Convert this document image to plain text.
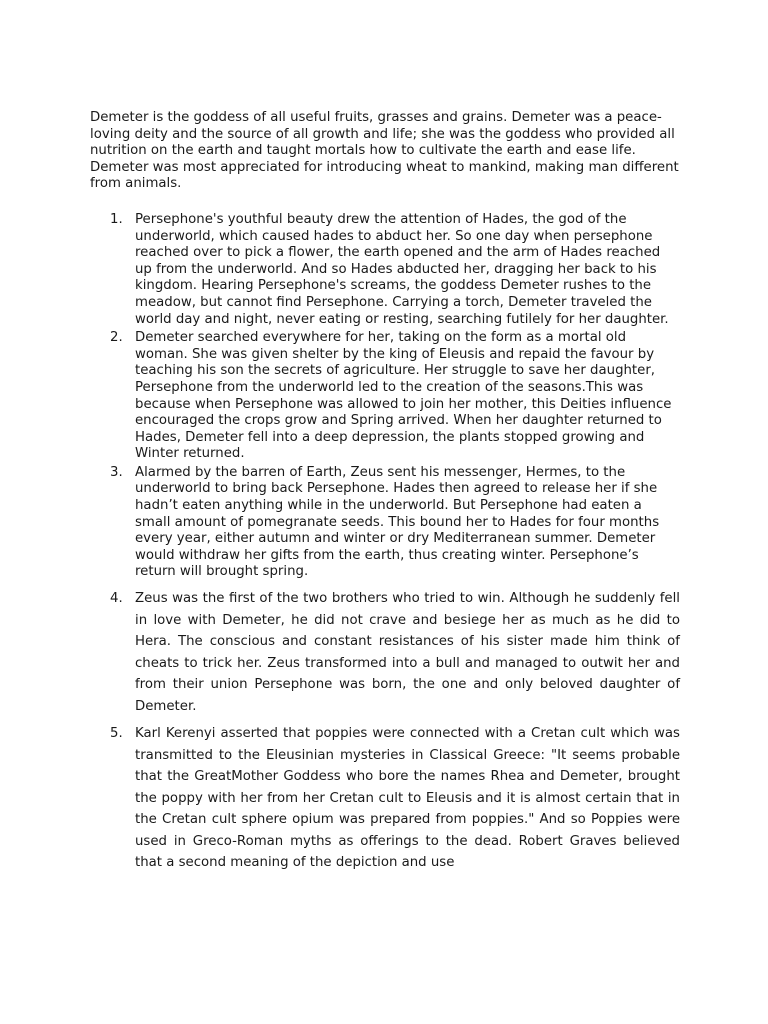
Demeter is the goddess of all useful fruits, grasses and grains. Demeter was a peace-loving deity and the source of all growth and life; she was the goddess who provided all nutrition on the earth and taught mortals how to cultivate the earth and ease life. Demeter was most appreciated for introducing wheat to mankind, making man different from animals.

1. Persephone's youthful beauty drew the attention of Hades, the god of the underworld, which caused hades to abduct her. So one day when persephone reached over to pick a flower, the earth opened and the arm of Hades reached up from the underworld. And so Hades abducted her, dragging her back to his kingdom. Hearing Persephone's screams, the goddess Demeter rushes to the meadow, but cannot find Persephone. Carrying a torch, Demeter traveled the world day and night, never eating or resting, searching futilely for her daughter.
2. Demeter searched everywhere for her, taking on the form as a mortal old woman. She was given shelter by the king of Eleusis and repaid the favour by teaching his son the secrets of agriculture. Her struggle to save her daughter, Persephone from the underworld led to the creation of the seasons.This was because when Persephone was allowed to join her mother, this Deities influence encouraged the crops grow and Spring arrived. When her daughter returned to Hades, Demeter fell into a deep depression, the plants stopped growing and Winter returned.
3. Alarmed by the barren of Earth, Zeus sent his messenger, Hermes, to the underworld to bring back Persephone. Hades then agreed to release her if she hadn’t eaten anything while in the underworld. But Persephone had eaten a small amount of pomegranate seeds. This bound her to Hades for four months every year, either autumn and winter or dry Mediterranean summer. Demeter would withdraw her gifts from the earth, thus creating winter. Persephone’s return will brought spring.
4. Zeus was the first of the two brothers who tried to win. Although he suddenly fell in love with Demeter, he did not crave and besiege her as much as he did to Hera. The conscious and constant resistances of his sister made him think of cheats to trick her. Zeus transformed into a bull and managed to outwit her and from their union Persephone was born, the one and only beloved daughter of Demeter.
5. Karl Kerenyi asserted that poppies were connected with a Cretan cult which was transmitted to the Eleusinian mysteries in Classical Greece: "It seems probable that the GreatMother Goddess who bore the names Rhea and Demeter, brought the poppy with her from her Cretan cult to Eleusis and it is almost certain that in the Cretan cult sphere opium was prepared from poppies." And so Poppies were used in Greco-Roman myths as offerings to the dead. Robert Graves believed that a second meaning of the depiction and use
